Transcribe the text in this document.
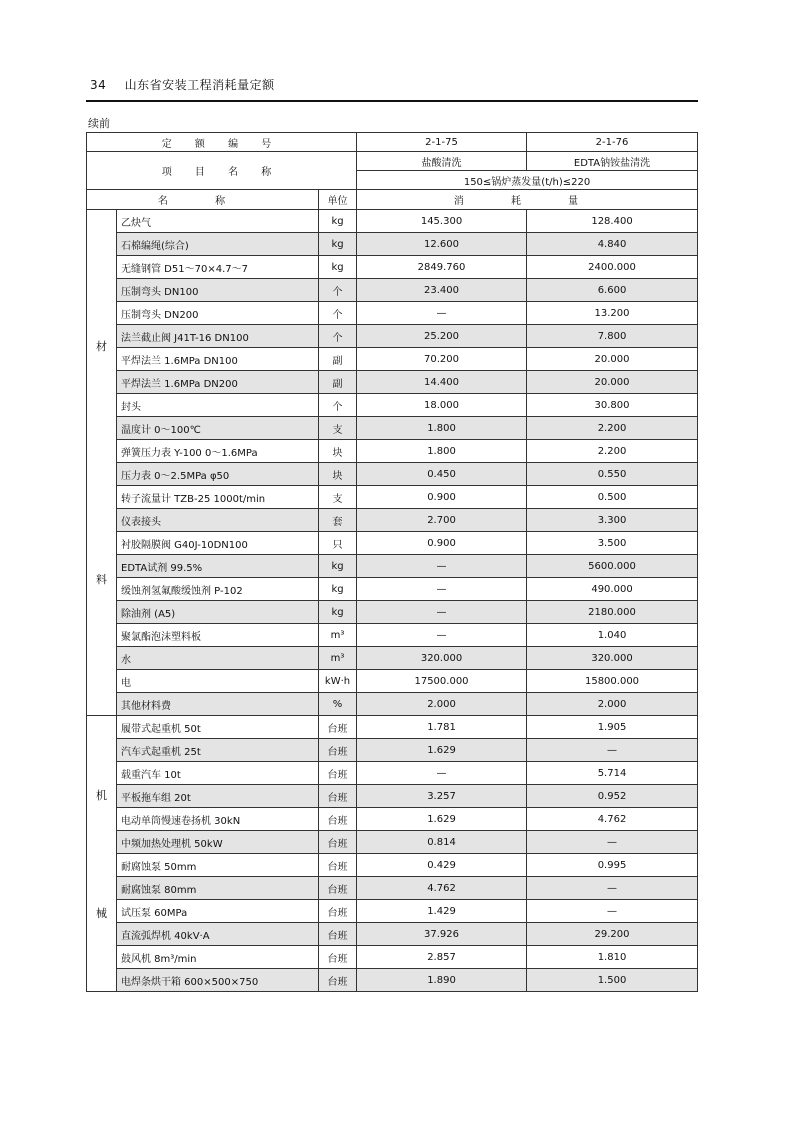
34 山东省安装工程消耗量定额
续前
定 额 编 号			2-1-75	2-1-76
项 目 名 称			盐酸清洗	EDTA钠铵盐清洗
			150≤锅炉蒸发量(t/h)≤220	
名 称		单位	消 耗 量	

材
料	乙炔气	kg	145.300	128.400
	石棉编绳(综合)	kg	12.600	4.840
	无缝钢管 D51～70×4.7～7	kg	2849.760	2400.000
	压制弯头 DN100	个	23.400	6.600
	压制弯头 DN200	个	—	13.200
	法兰截止阀 J41T-16 DN100	个	25.200	7.800
	平焊法兰 1.6MPa DN100	副	70.200	20.000
	平焊法兰 1.6MPa DN200	副	14.400	20.000
	封头	个	18.000	30.800
	温度计 0～100℃	支	1.800	2.200
	弹簧压力表 Y-100 0～1.6MPa	块	1.800	2.200
	压力表 0～2.5MPa φ50	块	0.450	0.550
	转子流量计 TZB-25 1000t/min	支	0.900	0.500
	仪表接头	套	2.700	3.300
	衬胶隔膜阀 G40J-10DN100	只	0.900	3.500
	EDTA试剂 99.5%	kg	—	5600.000
	缓蚀剂氢氟酸缓蚀剂 P-102	kg	—	490.000
	除油剂 (A5)	kg	—	2180.000
	聚氯酯泡沫塑料板	m³	—	1.040
	水	m³	320.000	320.000
	电	kW·h	17500.000	15800.000
	其他材料费	%	2.000	2.000

机
械	履带式起重机 50t	台班	1.781	1.905
	汽车式起重机 25t	台班	1.629	—
	载重汽车 10t	台班	—	5.714
	平板拖车组 20t	台班	3.257	0.952
	电动单筒慢速卷扬机 30kN	台班	1.629	4.762
	中频加热处理机 50kW	台班	0.814	—
	耐腐蚀泵 50mm	台班	0.429	0.995
	耐腐蚀泵 80mm	台班	4.762	—
	试压泵 60MPa	台班	1.429	—
	直流弧焊机 40kV·A	台班	37.926	29.200
	鼓风机 8m³/min	台班	2.857	1.810
	电焊条烘干箱 600×500×750	台班	1.890	1.500
